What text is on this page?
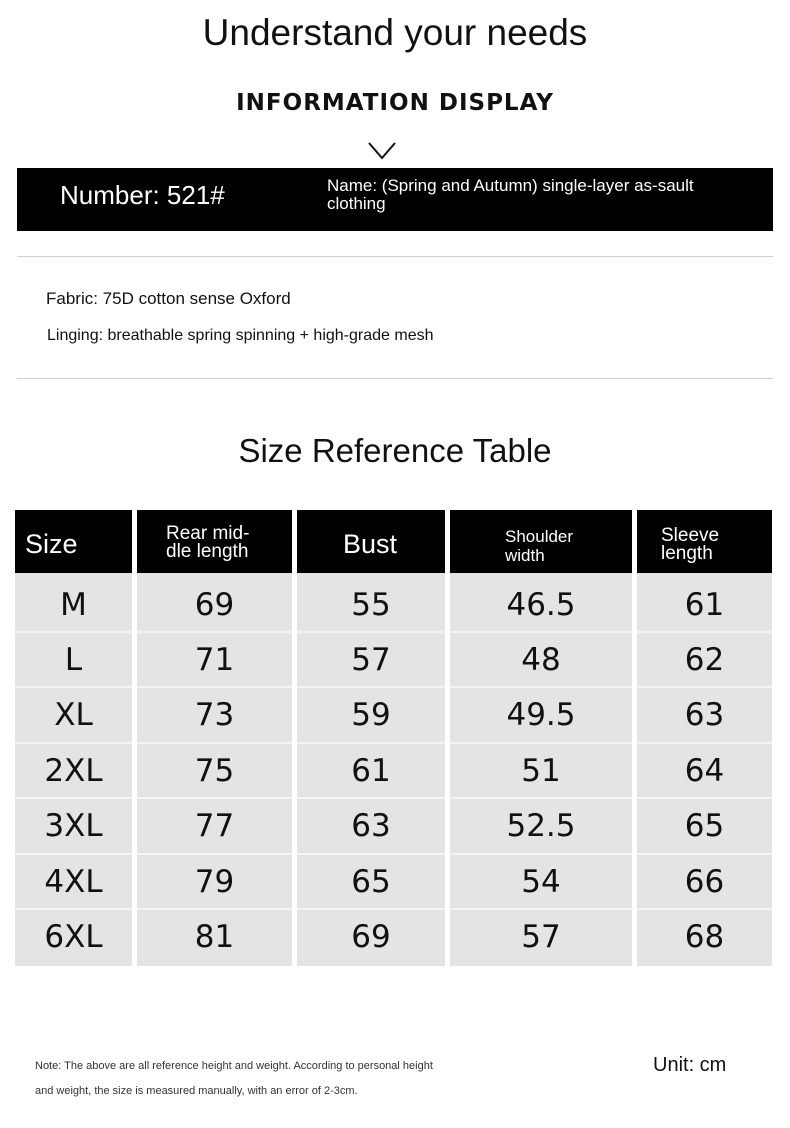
Understand your needs
INFORMATION DISPLAY
Number: 521#	Name: (Spring and Autumn) single-layer as-sault clothing
Fabric: 75D cotton sense Oxford
Linging: breathable spring spinning + high-grade mesh
Size Reference Table
Size
M
L
XL
2XL
3XL
4XL
6XL
Rear mid-
dle length
69
71
73
75
77
79
81
Bust
55
57
59
61
63
65
69
Shoulder
width
46.5
48
49.5
51
52.5
54
57
Sleeve
length
61
62
63
64
65
66
68
Note: The above are all reference height and weight. According to personal height
and weight, the size is measured manually, with an error of 2-3cm.
Unit: cm
